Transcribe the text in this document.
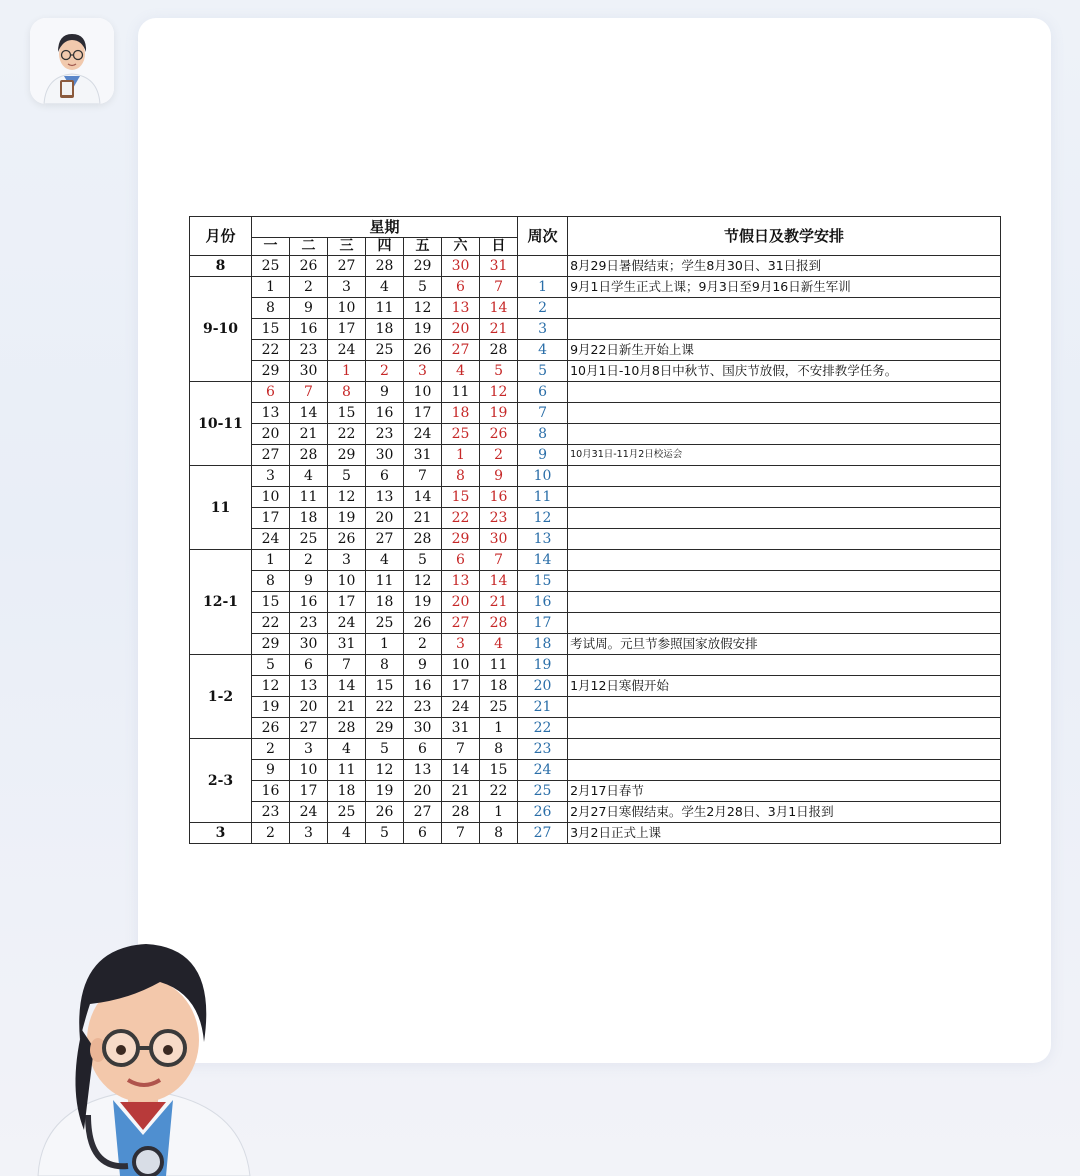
月份	星期							周次	节假日及教学安排
	一	二	三	四	五	六	日		
8	25	26	27	28	29	30	31		8月29日暑假结束；学生8月30日、31日报到
9-10	1	2	3	4	5	6	7	1	9月1日学生正式上课；9月3日至9月16日新生军训
	8	9	10	11	12	13	14	2	
	15	16	17	18	19	20	21	3	
	22	23	24	25	26	27	28	4	9月22日新生开始上课
	29	30	1	2	3	4	5	5	10月1日-10月8日中秋节、国庆节放假，不安排教学任务。
10-11	6	7	8	9	10	11	12	6	
	13	14	15	16	17	18	19	7	
	20	21	22	23	24	25	26	8	
	27	28	29	30	31	1	2	9	10月31日-11月2日校运会
11	3	4	5	6	7	8	9	10	
	10	11	12	13	14	15	16	11	
	17	18	19	20	21	22	23	12	
	24	25	26	27	28	29	30	13	
12-1	1	2	3	4	5	6	7	14	
	8	9	10	11	12	13	14	15	
	15	16	17	18	19	20	21	16	
	22	23	24	25	26	27	28	17	
	29	30	31	1	2	3	4	18	考试周。元旦节参照国家放假安排
1-2	5	6	7	8	9	10	11	19	
	12	13	14	15	16	17	18	20	1月12日寒假开始
	19	20	21	22	23	24	25	21	
	26	27	28	29	30	31	1	22	
2-3	2	3	4	5	6	7	8	23	
	9	10	11	12	13	14	15	24	
	16	17	18	19	20	21	22	25	2月17日春节
	23	24	25	26	27	28	1	26	2月27日寒假结束。学生2月28日、3月1日报到
3	2	3	4	5	6	7	8	27	3月2日正式上课
